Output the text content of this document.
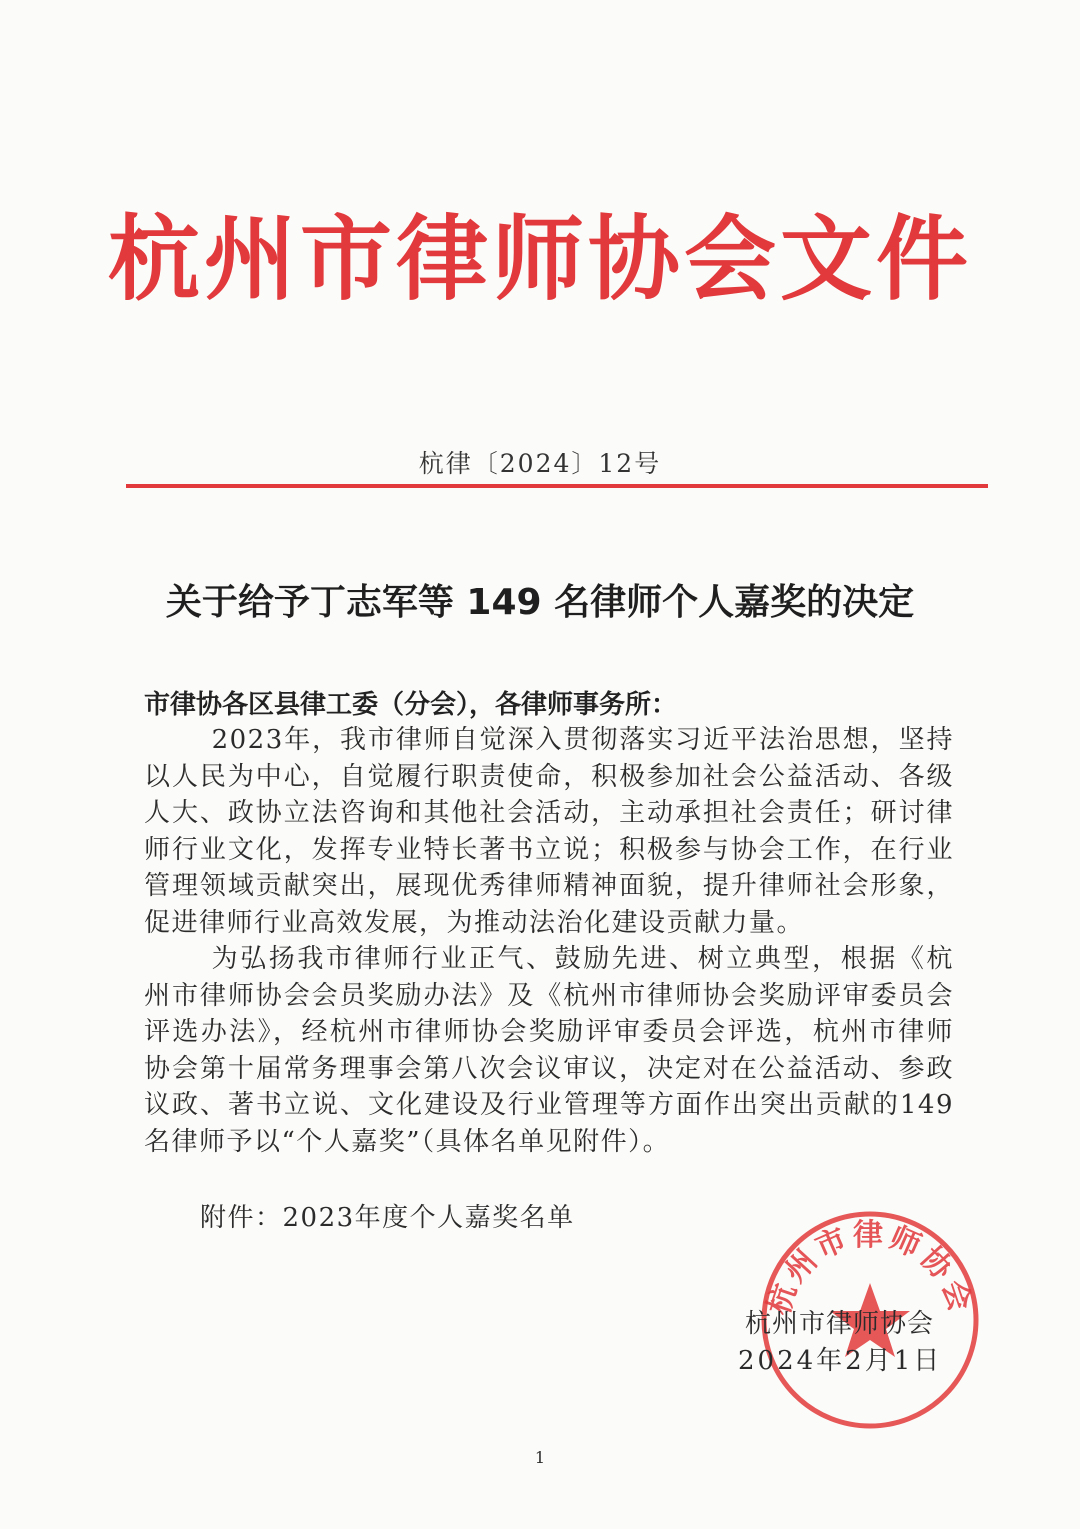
杭州市律师协会文件
杭律〔2024〕12号
关于给予丁志军等 149 名律师个人嘉奖的决定
市律协各区县律工委（分会），各律师事务所：

2023年，我市律师自觉深入贯彻落实习近平法治思想，坚持以人民为中心，自觉履行职责使命，积极参加社会公益活动、各级人大、政协立法咨询和其他社会活动，主动承担社会责任；研讨律师行业文化，发挥专业特长著书立说；积极参与协会工作，在行业管理领域贡献突出，展现优秀律师精神面貌，提升律师社会形象，促进律师行业高效发展，为推动法治化建设贡献力量。

为弘扬我市律师行业正气、鼓励先进、树立典型，根据《杭州市律师协会会员奖励办法》及《杭州市律师协会奖励评审委员会评选办法》，经杭州市律师协会奖励评审委员会评选，杭州市律师协会第十届常务理事会第八次会议审议，决定对在公益活动、参政议政、著书立说、文化建设及行业管理等方面作出突出贡献的149名律师予以“个人嘉奖”（具体名单见附件）。

附件：2023年度个人嘉奖名单
杭州市律师协会
杭州市律师协会
2024年2月1日
1
